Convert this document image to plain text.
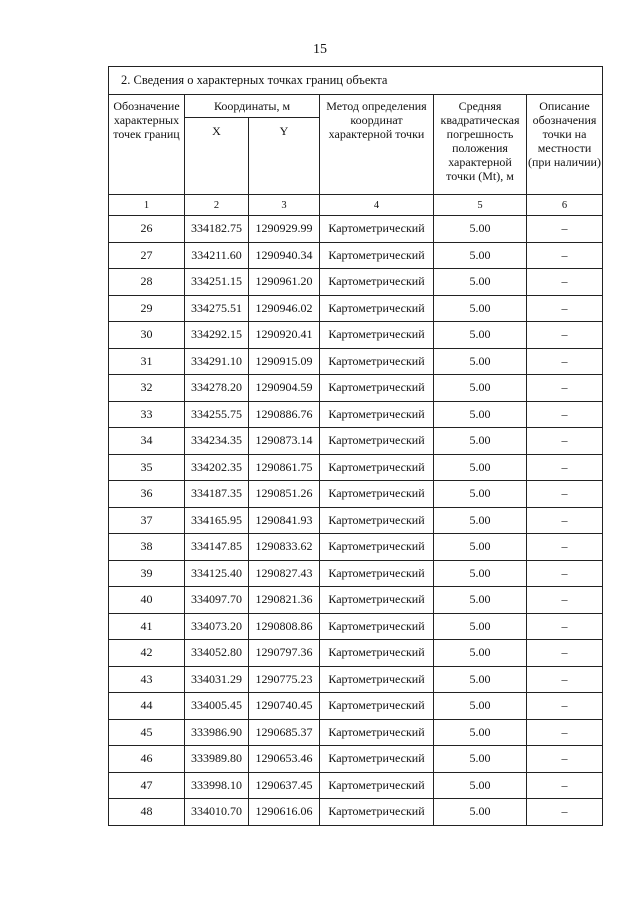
15
2. Сведения о характерных точках границ объекта					
Обозначение характерных точек границ	Координаты, м		Метод определения координат характерной точки	Средняя квадратическая погрешность положения характерной точки (Mt), м	Описание обозначения точки на местности (при наличии)
	X	Y			
1	2	3	4	5	6
26	334182.75	1290929.99	Картометрический	5.00	–
27	334211.60	1290940.34	Картометрический	5.00	–
28	334251.15	1290961.20	Картометрический	5.00	–
29	334275.51	1290946.02	Картометрический	5.00	–
30	334292.15	1290920.41	Картометрический	5.00	–
31	334291.10	1290915.09	Картометрический	5.00	–
32	334278.20	1290904.59	Картометрический	5.00	–
33	334255.75	1290886.76	Картометрический	5.00	–
34	334234.35	1290873.14	Картометрический	5.00	–
35	334202.35	1290861.75	Картометрический	5.00	–
36	334187.35	1290851.26	Картометрический	5.00	–
37	334165.95	1290841.93	Картометрический	5.00	–
38	334147.85	1290833.62	Картометрический	5.00	–
39	334125.40	1290827.43	Картометрический	5.00	–
40	334097.70	1290821.36	Картометрический	5.00	–
41	334073.20	1290808.86	Картометрический	5.00	–
42	334052.80	1290797.36	Картометрический	5.00	–
43	334031.29	1290775.23	Картометрический	5.00	–
44	334005.45	1290740.45	Картометрический	5.00	–
45	333986.90	1290685.37	Картометрический	5.00	–
46	333989.80	1290653.46	Картометрический	5.00	–
47	333998.10	1290637.45	Картометрический	5.00	–
48	334010.70	1290616.06	Картометрический	5.00	–
